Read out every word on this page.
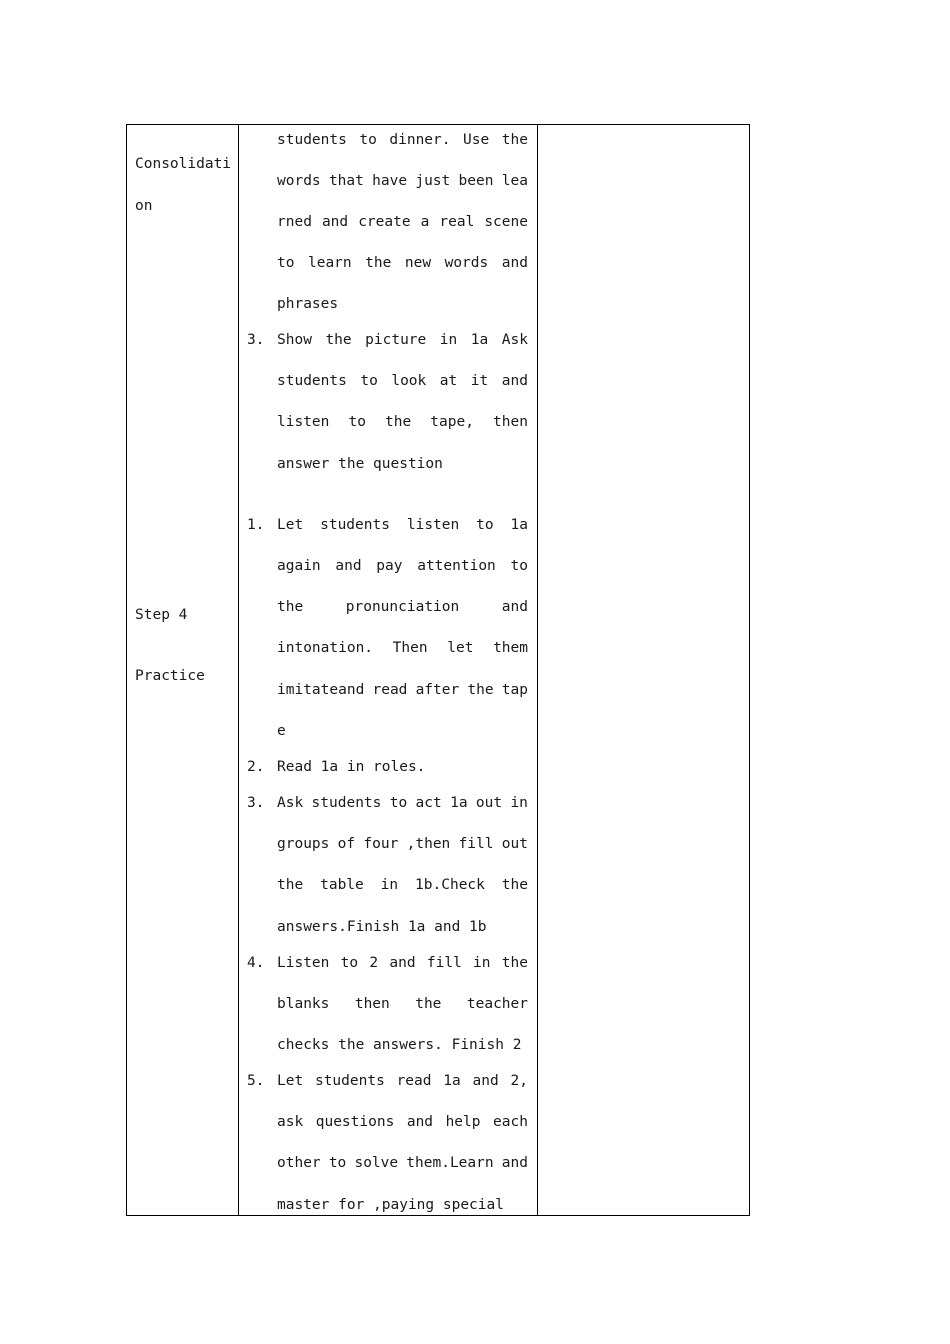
Consolidati
on
students to dinner. Use the
words that have just been lea
rned and create a real scene
to learn the new words and
phrases
3. Show the picture in 1a Ask
students to look at it and
listen to the tape, then
answer the question
Step 4
Practice
1. Let students listen to 1a
again and pay attention to
the	pronunciation	and
intonation. Then let them
imitateand read after the tap
e
2. Read 1a in roles.
3. Ask students to act 1a out in
groups of four ,then fill out
the table in 1b.Check the
answers.Finish 1a and 1b
4. Listen to 2 and fill in the
blanks then the teacher
checks the answers. Finish 2
5. Let students read 1a and 2,
ask questions and help each
other to solve them.Learn and
master for ,paying special
